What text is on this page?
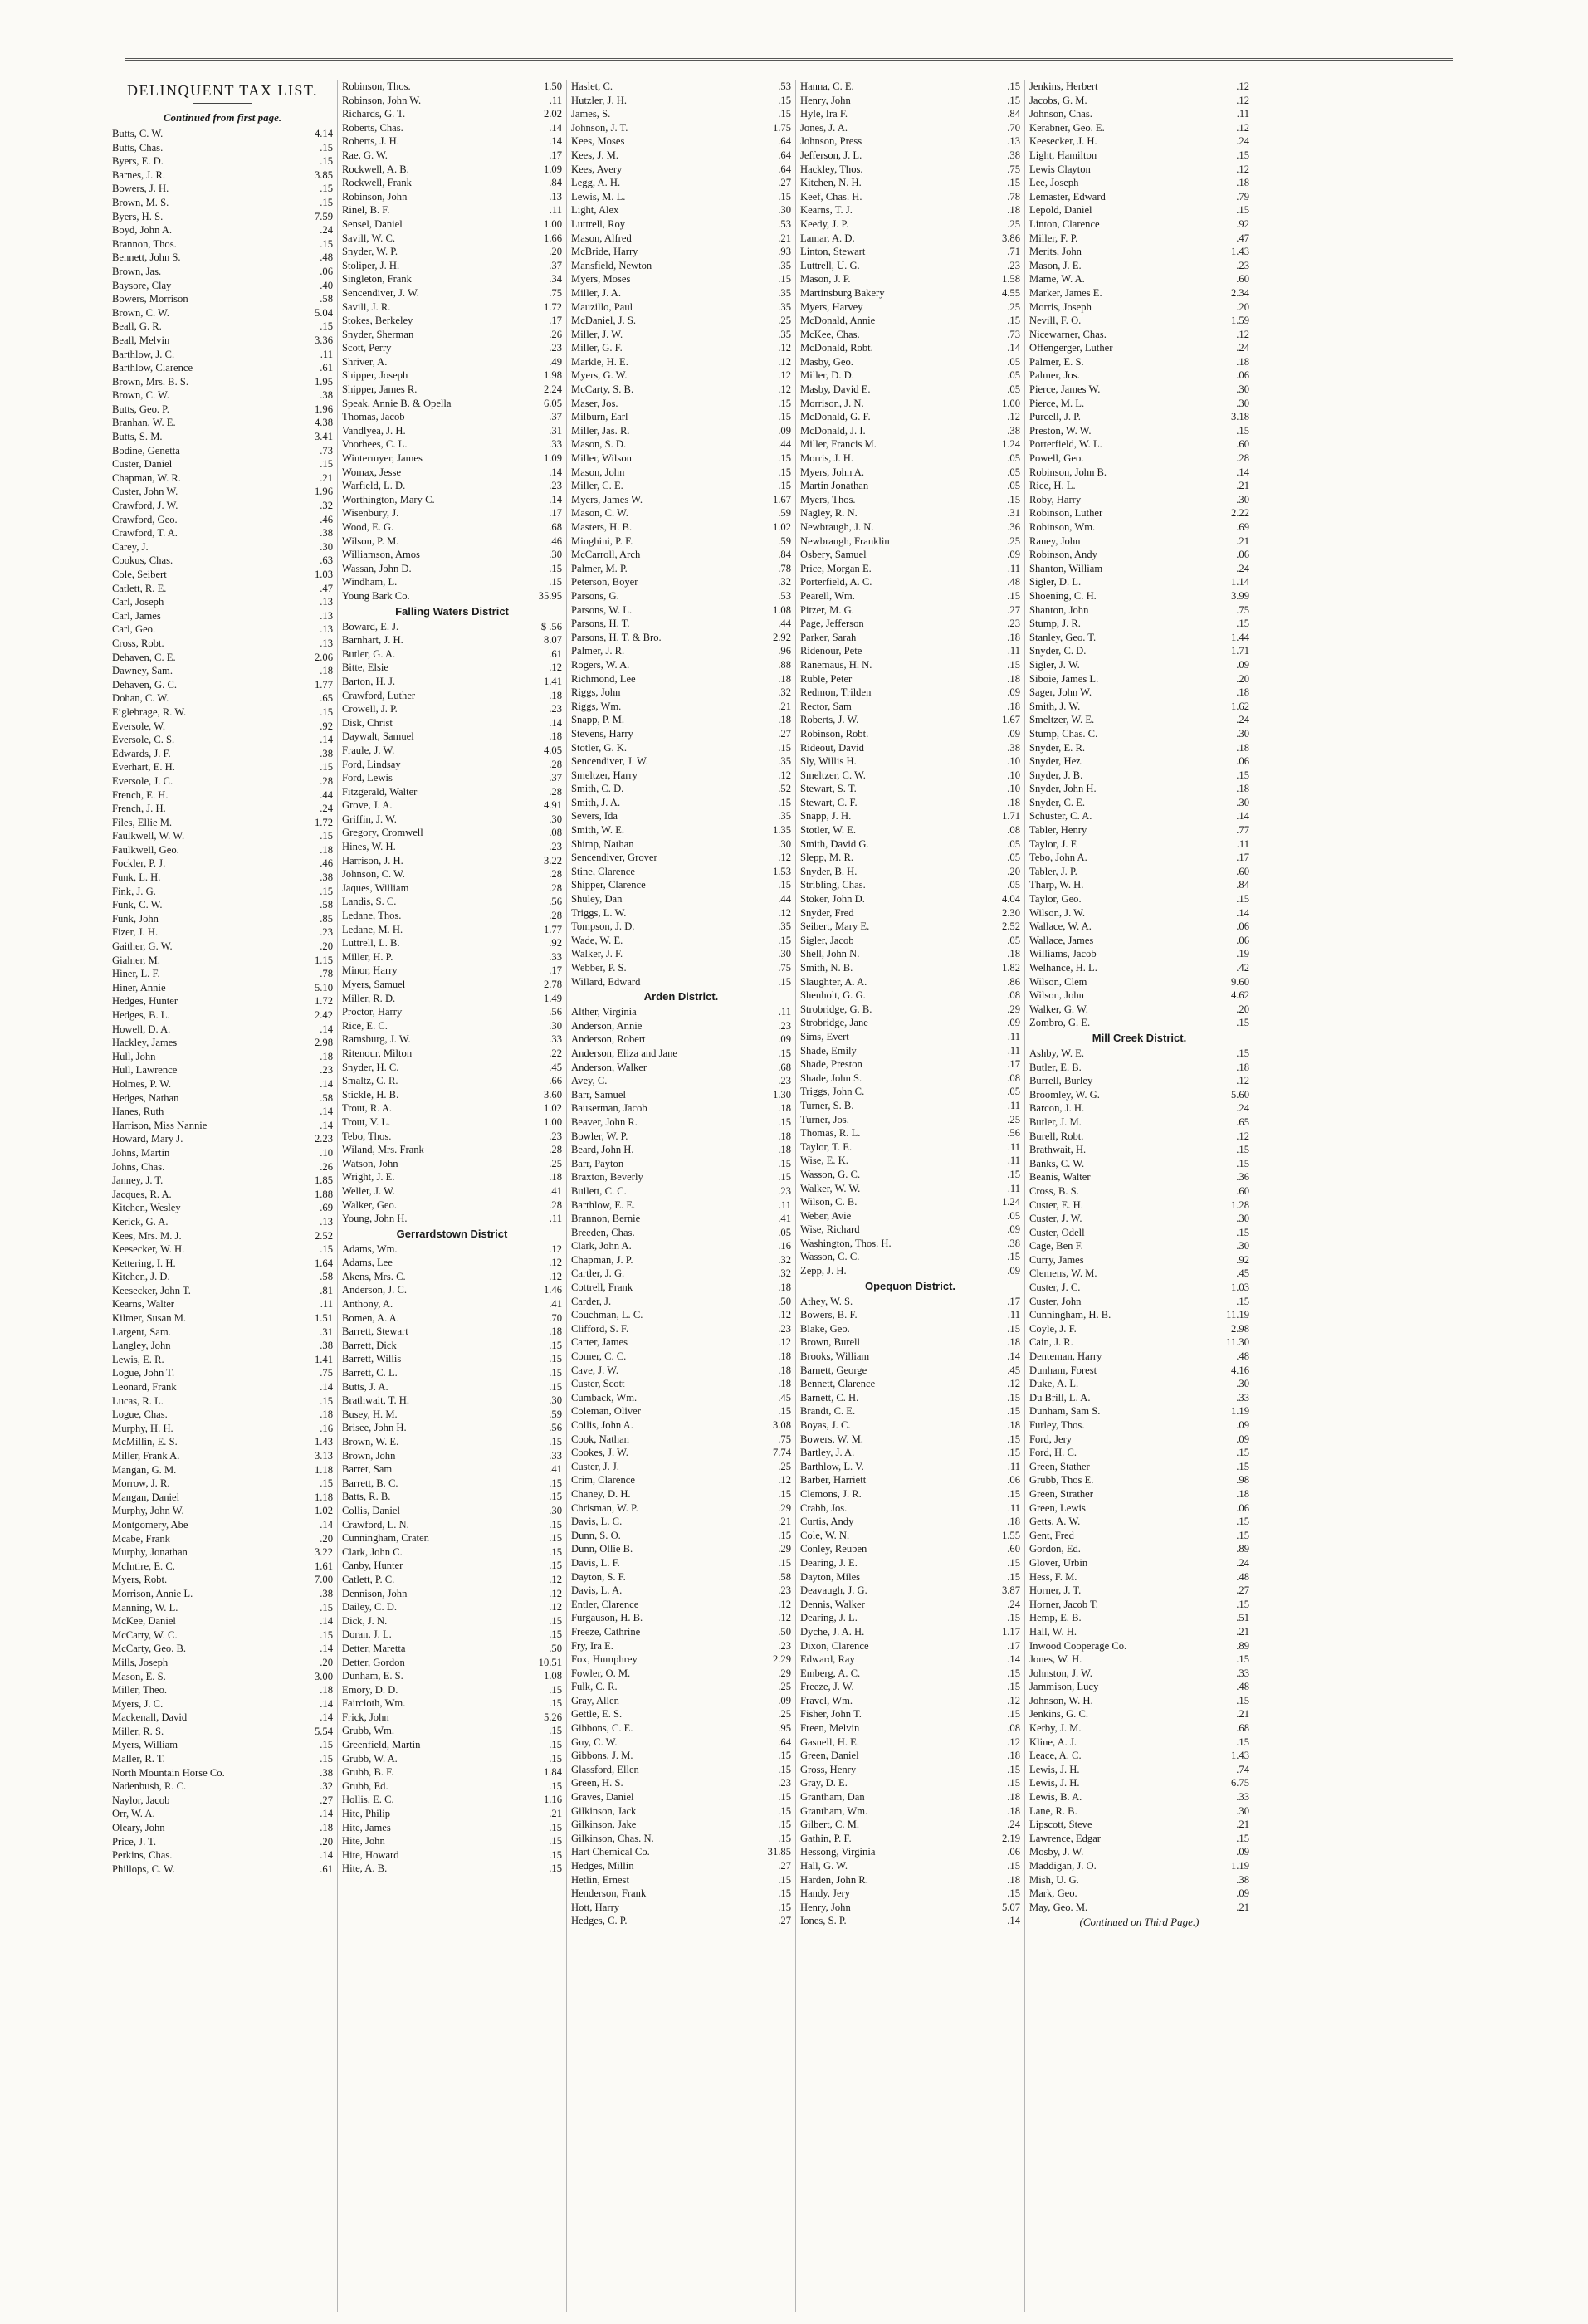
DELINQUENT TAX LIST.
Continued from first page.
Butts, C. W.	4.14
Butts, Chas.	.15
Byers, E. D.	.15
Barnes, J. R.	3.85
Bowers, J. H.	.15
Brown, M. S.	.15
Byers, H. S.	7.59
Boyd, John A.	.24
Brannon, Thos.	.15
Bennett, John S.	.48
Brown, Jas.	.06
Baysore, Clay	.40
Bowers, Morrison	.58
Brown, C. W.	5.04
Beall, G. R.	.15
Beall, Melvin	3.36
Barthlow, J. C.	.11
Barthlow, Clarence	.61
Brown, Mrs. B. S.	1.95
Brown, C. W.	.38
Butts, Geo. P.	1.96
Branhan, W. E.	4.38
Butts, S. M.	3.41
Bodine, Genetta	.73
Custer, Daniel	.15
Chapman, W. R.	.21
Custer, John W.	1.96
Crawford, J. W.	.32
Crawford, Geo.	.46
Crawford, T. A.	.38
Carey, J.	.30
Cookus, Chas.	.63
Cole, Seibert	1.03
Catlett, R. E.	.47
Carl, Joseph	.13
Carl, James	.13
Carl, Geo.	.13
Cross, Robt.	.13
Dehaven, C. E.	2.06
Dawney, Sam.	.18
Dehaven, G. C.	1.77
Dohan, C. W.	.65
Eiglebrage, R. W.	.15
Eversole, W.	.92
Eversole, C. S.	.14
Edwards, J. F.	.38
Everhart, E. H.	.15
Eversole, J. C.	.28
French, E. H.	.44
French, J. H.	.24
Files, Ellie M.	1.72
Faulkwell, W. W.	.15
Faulkwell, Geo.	.18
Fockler, P. J.	.46
Funk, L. H.	.38
Fink, J. G.	.15
Funk, C. W.	.58
Funk, John	.85
Fizer, J. H.	.23
Gaither, G. W.	.20
Gialner, M.	1.15
Hiner, L. F.	.78
Hiner, Annie	5.10
Hedges, Hunter	1.72
Hedges, B. L.	2.42
Howell, D. A.	.14
Hackley, James	2.98
Hull, John	.18
Hull, Lawrence	.23
Holmes, P. W.	.14
Hedges, Nathan	.58
Hanes, Ruth	.14
Harrison, Miss Nannie	.14
Howard, Mary J.	2.23
Johns, Martin	.10
Johns, Chas.	.26
Janney, J. T.	1.85
Jacques, R. A.	1.88
Kitchen, Wesley	.69
Kerick, G. A.	.13
Kees, Mrs. M. J.	2.52
Keesecker, W. H.	.15
Kettering, I. H.	1.64
Kitchen, J. D.	.58
Keesecker, John T.	.81
Kearns, Walter	.11
Kilmer, Susan M.	1.51
Largent, Sam.	.31
Langley, John	.38
Lewis, E. R.	1.41
Logue, John T.	.75
Leonard, Frank	.14
Lucas, R. L.	.15
Logue, Chas.	.18
Murphy, H. H.	.16
McMillin, E. S.	1.43
Miller, Frank A.	3.13
Mangan, G. M.	1.18
Morrow, J. R.	.15
Mangan, Daniel	1.18
Murphy, John W.	1.02
Montgomery, Abe	.14
Mcabe, Frank	.20
Murphy, Jonathan	3.22
McIntire, E. C.	1.61
Myers, Robt.	7.00
Morrison, Annie L.	.38
Manning, W. L.	.15
McKee, Daniel	.14
McCarty, W. C.	.15
McCarty, Geo. B.	.14
Mills, Joseph	.20
Mason, E. S.	3.00
Miller, Theo.	.18
Myers, J. C.	.14
Mackenall, David	.14
Miller, R. S.	5.54
Myers, William	.15
Maller, R. T.	.15
North Mountain Horse Co.	.38
Nadenbush, R. C.	.32
Naylor, Jacob	.27
Orr, W. A.	.14
Oleary, John	.18
Price, J. T.	.20
Perkins, Chas.	.14
Phillops, C. W.	.61
Robinson, Thos.	1.50
Robinson, John W.	.11
Richards, G. T.	2.02
Roberts, Chas.	.14
Roberts, J. H.	.14
Rae, G. W.	.17
Rockwell, A. B.	1.09
Rockwell, Frank	.84
Robinson, John	.13
Rinel, B. F.	.11
Sensel, Daniel	1.00
Savill, W. C.	1.66
Snyder, W. P.	.20
Stoliper, J. H.	.37
Singleton, Frank	.34
Sencendiver, J. W.	.75
Savill, J. R.	1.72
Stokes, Berkeley	.17
Snyder, Sherman	.26
Scott, Perry	.23
Shriver, A.	.49
Shipper, Joseph	1.98
Shipper, James R.	2.24
Speak, Annie B. & Opella	6.05
Thomas, Jacob	.37
Vandlyea, J. H.	.31
Voorhees, C. L.	.33
Wintermyer, James	1.09
Womax, Jesse	.14
Warfield, L. D.	.23
Worthington, Mary C.	.14
Wisenbury, J.	.17
Wood, E. G.	.68
Wilson, P. M.	.46
Williamson, Amos	.30
Wassan, John D.	.15
Windham, L.	.15
Young Bark Co.	35.95
Falling Waters District
Boward, E. J.	$ .56
Barnhart, J. H.	8.07
Butler, G. A.	.61
Bitte, Elsie	.12
Barton, H. J.	1.41
Crawford, Luther	.18
Crowell, J. P.	.23
Disk, Christ	.14
Daywalt, Samuel	.18
Fraule, J. W.	4.05
Ford, Lindsay	.28
Ford, Lewis	.37
Fitzgerald, Walter	.28
Grove, J. A.	4.91
Griffin, J. W.	.30
Gregory, Cromwell	.08
Hines, W. H.	.23
Harrison, J. H.	3.22
Johnson, C. W.	.28
Jaques, William	.28
Landis, S. C.	.56
Ledane, Thos.	.28
Ledane, M. H.	1.77
Luttrell, L. B.	.92
Miller, H. P.	.33
Minor, Harry	.17
Myers, Samuel	2.78
Miller, R. D.	1.49
Proctor, Harry	.56
Rice, E. C.	.30
Ramsburg, J. W.	.33
Ritenour, Milton	.22
Snyder, H. C.	.45
Smaltz, C. R.	.66
Stickle, H. B.	3.60
Trout, R. A.	1.02
Trout, V. L.	1.00
Tebo, Thos.	.23
Wiland, Mrs. Frank	.28
Watson, John	.25
Wright, J. E.	.18
Weller, J. W.	.41
Walker, Geo.	.28
Young, John H.	.11
Gerrardstown District
Adams, Wm.	.12
Adams, Lee	.12
Akens, Mrs. C.	.12
Anderson, J. C.	1.46
Anthony, A.	.41
Bomen, A. A.	.70
Barrett, Stewart	.18
Barrett, Dick	.15
Barrett, Willis	.15
Barrett, C. L.	.15
Butts, J. A.	.15
Brathwait, T. H.	.30
Busey, H. M.	.59
Brisee, John H.	.56
Brown, W. E.	.15
Brown, John	.33
Barret, Sam	.41
Barrett, B. C.	.15
Batts, R. B.	.15
Collis, Daniel	.30
Crawford, L. N.	.15
Cunningham, Craten	.15
Clark, John C.	.15
Canby, Hunter	.15
Catlett, P. C.	.12
Dennison, John	.12
Dailey, C. D.	.12
Dick, J. N.	.15
Doran, J. L.	.15
Detter, Maretta	.50
Detter, Gordon	10.51
Dunham, E. S.	1.08
Emory, D. D.	.15
Faircloth, Wm.	.15
Frick, John	5.26
Grubb, Wm.	.15
Greenfield, Martin	.15
Grubb, W. A.	.15
Grubb, B. F.	1.84
Grubb, Ed.	.15
Hollis, E. C.	1.16
Hite, Philip	.21
Hite, James	.15
Hite, John	.15
Hite, Howard	.15
Hite, A. B.	.15
Haslet, C.	.53
Hutzler, J. H.	.15
James, S.	.15
Johnson, J. T.	1.75
Kees, Moses	.64
Kees, J. M.	.64
Kees, Avery	.64
Legg, A. H.	.27
Lewis, M. L.	.15
Light, Alex	.30
Luttrell, Roy	.53
Mason, Alfred	.21
McBride, Harry	.93
Mansfield, Newton	.35
Myers, Moses	.15
Miller, J. A.	.35
Mauzillo, Paul	.35
McDaniel, J. S.	.25
Miller, J. W.	.35
Miller, G. F.	.12
Markle, H. E.	.12
Myers, G. W.	.12
McCarty, S. B.	.12
Maser, Jos.	.15
Milburn, Earl	.15
Miller, Jas. R.	.09
Mason, S. D.	.44
Miller, Wilson	.15
Mason, John	.15
Miller, C. E.	.15
Myers, James W.	1.67
Mason, C. W.	.59
Masters, H. B.	1.02
Minghini, P. F.	.59
McCarroll, Arch	.84
Palmer, M. P.	.78
Peterson, Boyer	.32
Parsons, G.	.53
Parsons, W. L.	1.08
Parsons, H. T.	.44
Parsons, H. T. & Bro.	2.92
Palmer, J. R.	.96
Rogers, W. A.	.88
Richmond, Lee	.18
Riggs, John	.32
Riggs, Wm.	.21
Snapp, P. M.	.18
Stevens, Harry	.27
Stotler, G. K.	.15
Sencendiver, J. W.	.35
Smeltzer, Harry	.12
Smith, C. D.	.52
Smith, J. A.	.15
Severs, Ida	.35
Smith, W. E.	1.35
Shimp, Nathan	.30
Sencendiver, Grover	.12
Stine, Clarence	1.53
Shipper, Clarence	.15
Shuley, Dan	.44
Triggs, L. W.	.12
Tompson, J. D.	.35
Wade, W. E.	.15
Walker, J. F.	.30
Webber, P. S.	.75
Willard, Edward	.15
Arden District.
Alther, Virginia	.11
Anderson, Annie	.23
Anderson, Robert	.09
Anderson, Eliza and Jane	.15
Anderson, Walker	.68
Avey, C.	.23
Barr, Samuel	1.30
Bauserman, Jacob	.18
Beaver, John R.	.15
Bowler, W. P.	.18
Beard, John H.	.18
Barr, Payton	.15
Braxton, Beverly	.15
Bullett, C. C.	.23
Barthlow, E. E.	.11
Brannon, Bernie	.41
Breeden, Chas.	.05
Clark, John A.	.16
Chapman, J. P.	.32
Cartler, J. G.	.32
Cottrell, Frank	.18
Carder, J.	.50
Couchman, L. C.	.12
Clifford, S. F.	.23
Carter, James	.12
Comer, C. C.	.18
Cave, J. W.	.18
Custer, Scott	.18
Cumback, Wm.	.45
Coleman, Oliver	.15
Collis, John A.	3.08
Cook, Nathan	.75
Cookes, J. W.	7.74
Custer, J. J.	.25
Crim, Clarence	.12
Chaney, D. H.	.15
Chrisman, W. P.	.29
Davis, L. C.	.21
Dunn, S. O.	.15
Dunn, Ollie B.	.29
Davis, L. F.	.15
Dayton, S. F.	.58
Davis, L. A.	.23
Entler, Clarence	.12
Furgauson, H. B.	.12
Freeze, Cathrine	.50
Fry, Ira E.	.23
Fox, Humphrey	2.29
Fowler, O. M.	.29
Fulk, C. R.	.25
Gray, Allen	.09
Gettle, E. S.	.25
Gibbons, C. E.	.95
Guy, C. W.	.64
Gibbons, J. M.	.15
Glassford, Ellen	.15
Green, H. S.	.23
Graves, Daniel	.15
Gilkinson, Jack	.15
Gilkinson, Jake	.15
Gilkinson, Chas. N.	.15
Hart Chemical Co.	31.85
Hedges, Millin	.27
Hetlin, Ernest	.15
Henderson, Frank	.15
Hott, Harry	.15
Hedges, C. P.	.27
Hanna, C. E.	.15
Henry, John	.15
Hyle, Ira F.	.84
Jones, J. A.	.70
Johnson, Press	.13
Jefferson, J. L.	.38
Hackley, Thos.	.75
Kitchen, N. H.	.15
Keef, Chas. H.	.78
Kearns, T. J.	.18
Keedy, J. P.	.25
Lamar, A. D.	3.86
Linton, Stewart	.71
Luttrell, U. G.	.23
Mason, J. P.	1.58
Martinsburg Bakery	4.55
Myers, Harvey	.25
McDonald, Annie	.15
McKee, Chas.	.73
McDonald, Robt.	.14
Masby, Geo.	.05
Miller, D. D.	.05
Masby, David E.	.05
Morrison, J. N.	1.00
McDonald, G. F.	.12
McDonald, J. I.	.38
Miller, Francis M.	1.24
Morris, J. H.	.05
Myers, John A.	.05
Martin Jonathan	.05
Myers, Thos.	.15
Nagley, R. N.	.31
Newbraugh, J. N.	.36
Newbraugh, Franklin	.25
Osbery, Samuel	.09
Price, Morgan E.	.11
Porterfield, A. C.	.48
Pearell, Wm.	.15
Pitzer, M. G.	.27
Page, Jefferson	.23
Parker, Sarah	.18
Ridenour, Pete	.11
Ranemaus, H. N.	.15
Ruble, Peter	.18
Redmon, Trilden	.09
Rector, Sam	.18
Roberts, J. W.	1.67
Robinson, Robt.	.09
Rideout, David	.38
Sly, Willis H.	.10
Smeltzer, C. W.	.10
Stewart, S. T.	.10
Stewart, C. F.	.18
Snapp, J. H.	1.71
Stotler, W. E.	.08
Smith, David G.	.05
Slepp, M. R.	.05
Snyder, B. H.	.20
Stribling, Chas.	.05
Stoker, John D.	4.04
Snyder, Fred	2.30
Seibert, Mary E.	2.52
Sigler, Jacob	.05
Shell, John N.	.18
Smith, N. B.	1.82
Slaughter, A. A.	.86
Shenholt, G. G.	.08
Strobridge, G. B.	.29
Strobridge, Jane	.09
Sims, Evert	.11
Shade, Emily	.11
Shade, Preston	.17
Shade, John S.	.08
Triggs, John C.	.05
Turner, S. B.	.11
Turner, Jos.	.25
Thomas, R. L.	.56
Taylor, T. E.	.11
Wise, E. K.	.11
Wasson, G. C.	.15
Walker, W. W.	.11
Wilson, C. B.	1.24
Weber, Avie	.05
Wise, Richard	.09
Washington, Thos. H.	.38
Wasson, C. C.	.15
Zepp, J. H.	.09
Opequon District.
Athey, W. S.	.17
Bowers, B. F.	.11
Blake, Geo.	.15
Brown, Burell	.18
Brooks, William	.14
Barnett, George	.45
Bennett, Clarence	.12
Barnett, C. H.	.15
Brandt, C. E.	.15
Boyas, J. C.	.18
Bowers, W. M.	.15
Bartley, J. A.	.15
Barthlow, L. V.	.11
Barber, Harriett	.06
Clemons, J. R.	.15
Crabb, Jos.	.11
Curtis, Andy	.18
Cole, W. N.	1.55
Conley, Reuben	.60
Dearing, J. E.	.15
Dayton, Miles	.15
Deavaugh, J. G.	3.87
Dennis, Walker	.24
Dearing, J. L.	.15
Dyche, J. A. H.	1.17
Dixon, Clarence	.17
Edward, Ray	.14
Emberg, A. C.	.15
Freeze, J. W.	.15
Fravel, Wm.	.12
Fisher, John T.	.15
Freen, Melvin	.08
Gasnell, H. E.	.12
Green, Daniel	.18
Gross, Henry	.15
Gray, D. E.	.15
Grantham, Dan	.18
Grantham, Wm.	.18
Gilbert, C. M.	.24
Gathin, P. F.	2.19
Hessong, Virginia	.06
Hall, G. W.	.15
Harden, John R.	.18
Handy, Jery	.15
Henry, John	5.07
Iones, S. P.	.14
Jenkins, Herbert	.12
Jacobs, G. M.	.12
Johnson, Chas.	.11
Kerabner, Geo. E.	.12
Keesecker, J. H.	.24
Light, Hamilton	.15
Lewis Clayton	.12
Lee, Joseph	.18
Lemaster, Edward	.79
Lepold, Daniel	.15
Linton, Clarence	.92
Miller, F. P.	.47
Merits, John	1.43
Mason, J. E.	.23
Mame, W. A.	.60
Marker, James E.	2.34
Morris, Joseph	.20
Nevill, F. O.	1.59
Nicewarner, Chas.	.12
Offengerger, Luther	.24
Palmer, E. S.	.18
Palmer, Jos.	.06
Pierce, James W.	.30
Pierce, M. L.	.30
Purcell, J. P.	3.18
Preston, W. W.	.15
Porterfield, W. L.	.60
Powell, Geo.	.28
Robinson, John B.	.14
Rice, H. L.	.21
Roby, Harry	.30
Robinson, Luther	2.22
Robinson, Wm.	.69
Raney, John	.21
Robinson, Andy	.06
Shanton, William	.24
Sigler, D. L.	1.14
Shoening, C. H.	3.99
Shanton, John	.75
Stump, J. R.	.15
Stanley, Geo. T.	1.44
Snyder, C. D.	1.71
Sigler, J. W.	.09
Siboie, James L.	.20
Sager, John W.	.18
Smith, J. W.	1.62
Smeltzer, W. E.	.24
Stump, Chas. C.	.30
Snyder, E. R.	.18
Snyder, Hez.	.06
Snyder, J. B.	.15
Snyder, John H.	.18
Snyder, C. E.	.30
Schuster, C. A.	.14
Tabler, Henry	.77
Taylor, J. F.	.11
Tebo, John A.	.17
Tabler, J. P.	.60
Tharp, W. H.	.84
Taylor, Geo.	.15
Wilson, J. W.	.14
Wallace, W. A.	.06
Wallace, James	.06
Williams, Jacob	.19
Welhance, H. L.	.42
Wilson, Clem	9.60
Wilson, John	4.62
Walker, G. W.	.20
Zombro, G. E.	.15
Mill Creek District.
Ashby, W. E.	.15
Butler, E. B.	.18
Burrell, Burley	.12
Broomley, W. G.	5.60
Barcon, J. H.	.24
Butler, J. M.	.65
Burell, Robt.	.12
Brathwait, H.	.15
Banks, C. W.	.15
Beanis, Walter	.36
Cross, B. S.	.60
Custer, E. H.	1.28
Custer, J. W.	.30
Custer, Odell	.15
Cage, Ben F.	.30
Curry, James	.92
Clemens, W. M.	.45
Custer, J. C.	1.03
Custer, John	.15
Cunningham, H. B.	11.19
Coyle, J. F.	2.98
Cain, J. R.	11.30
Denteman, Harry	.48
Dunham, Forest	4.16
Duke, A. L.	.30
Du Brill, L. A.	.33
Dunham, Sam S.	1.19
Furley, Thos.	.09
Ford, Jery	.09
Ford, H. C.	.15
Green, Stather	.15
Grubb, Thos E.	.98
Green, Strather	.18
Green, Lewis	.06
Getts, A. W.	.15
Gent, Fred	.15
Gordon, Ed.	.89
Glover, Urbin	.24
Hess, F. M.	.48
Horner, J. T.	.27
Horner, Jacob T.	.15
Hemp, E. B.	.51
Hall, W. H.	.21
Inwood Cooperage Co.	.89
Jones, W. H.	.15
Johnston, J. W.	.33
Jammison, Lucy	.48
Johnson, W. H.	.15
Jenkins, G. C.	.21
Kerby, J. M.	.68
Kline, A. J.	.15
Leace, A. C.	1.43
Lewis, J. H.	.74
Lewis, J. H.	6.75
Lewis, B. A.	.33
Lane, R. B.	.30
Lipscott, Steve	.21
Lawrence, Edgar	.15
Mosby, J. W.	.09
Maddigan, J. O.	1.19
Mish, U. G.	.38
Mark, Geo.	.09
May, Geo. M.	.21
(Continued on Third Page.)
